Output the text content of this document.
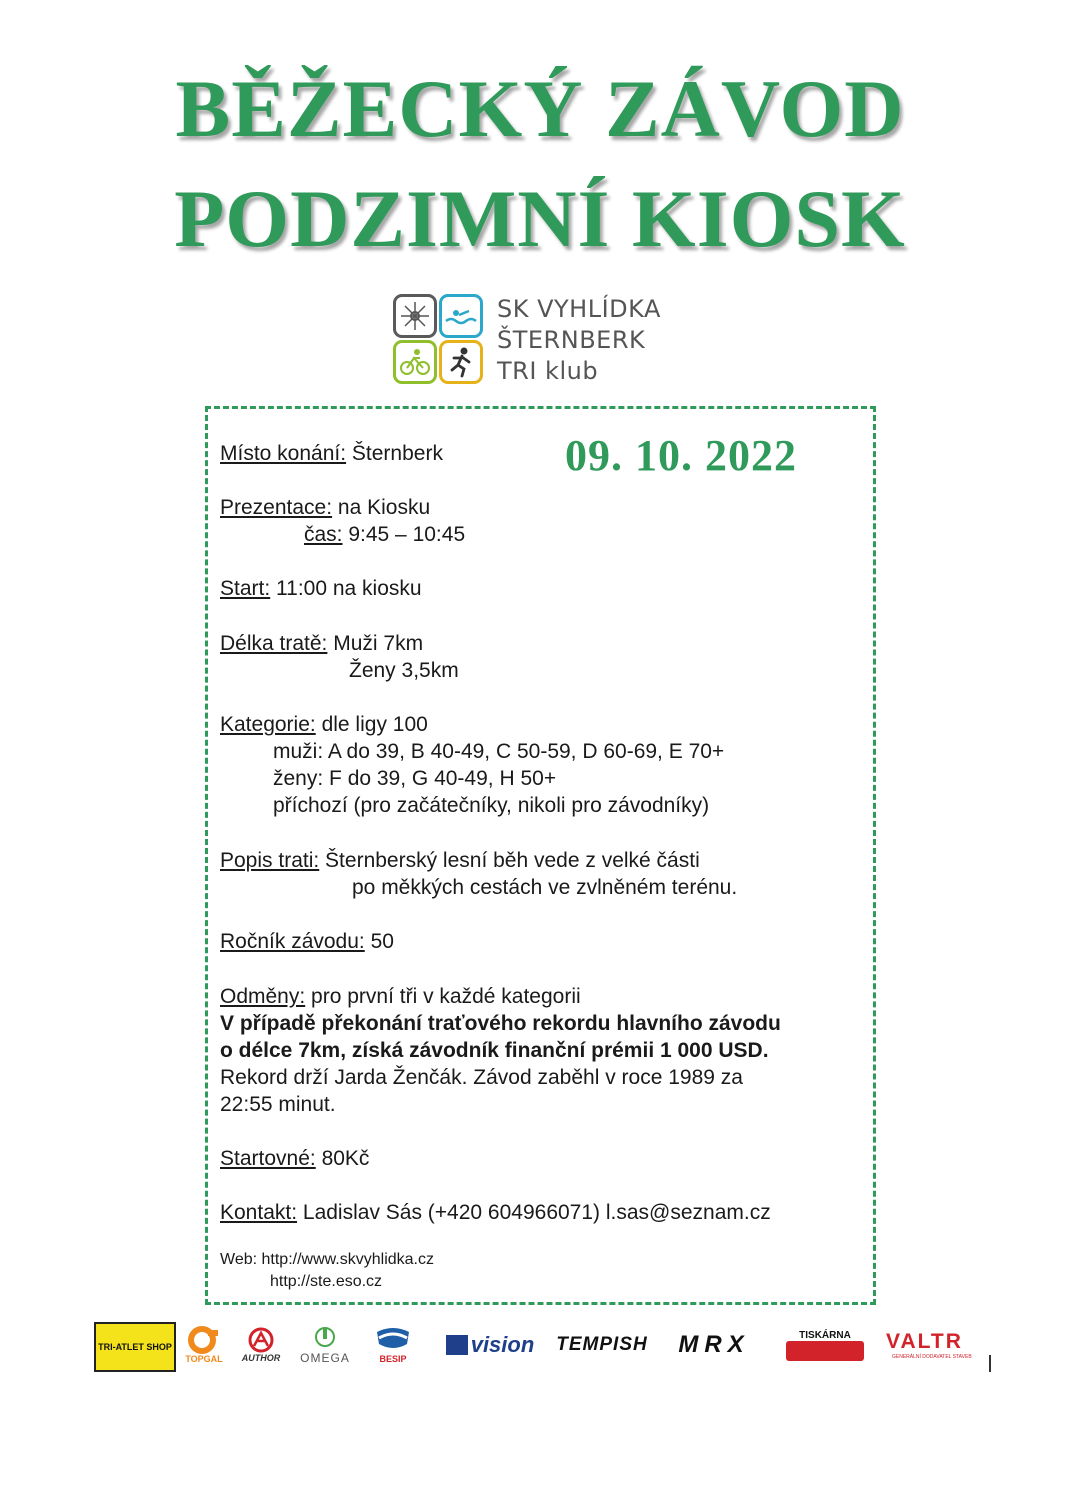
BĚŽECKÝ ZÁVOD
PODZIMNÍ KIOSK
SK VYHLÍDKA
ŠTERNBERK
TRI klub
09. 10. 2022
Místo konání: Šternberk
Prezentace: na Kiosku
čas: 9:45 – 10:45
Start: 11:00 na kiosku
Délka tratě: Muži 7km
Ženy 3,5km
Kategorie: dle ligy 100
muži: A do 39, B 40-49, C 50-59, D 60-69, E 70+
ženy: F do 39, G 40-49, H 50+
příchozí (pro začátečníky, nikoli pro závodníky)
Popis trati: Šternberský lesní běh vede z velké části
po měkkých cestách ve zvlněném terénu.
Ročník závodu: 50
Odměny: pro první tři v každé kategorii
V případě překonání traťového rekordu hlavního závodu
o délce 7km, získá závodník finanční prémii 1 000 USD.
Rekord drží Jarda Ženčák. Závod zaběhl v roce 1989 za
22:55 minut.
Startovné: 80Kč
Kontakt: Ladislav Sás (+420 604966071) l.sas@seznam.cz
Web: http://www.skvyhlidka.cz
http://ste.eso.cz
TRI-ATLET SHOP
TOPGAL AUTHOR OMEGA	BESIP
vision TEMPISH MRX	TISKÁRNA VALTR
GENERÁLNÍ DODAVATEL STAVEB
